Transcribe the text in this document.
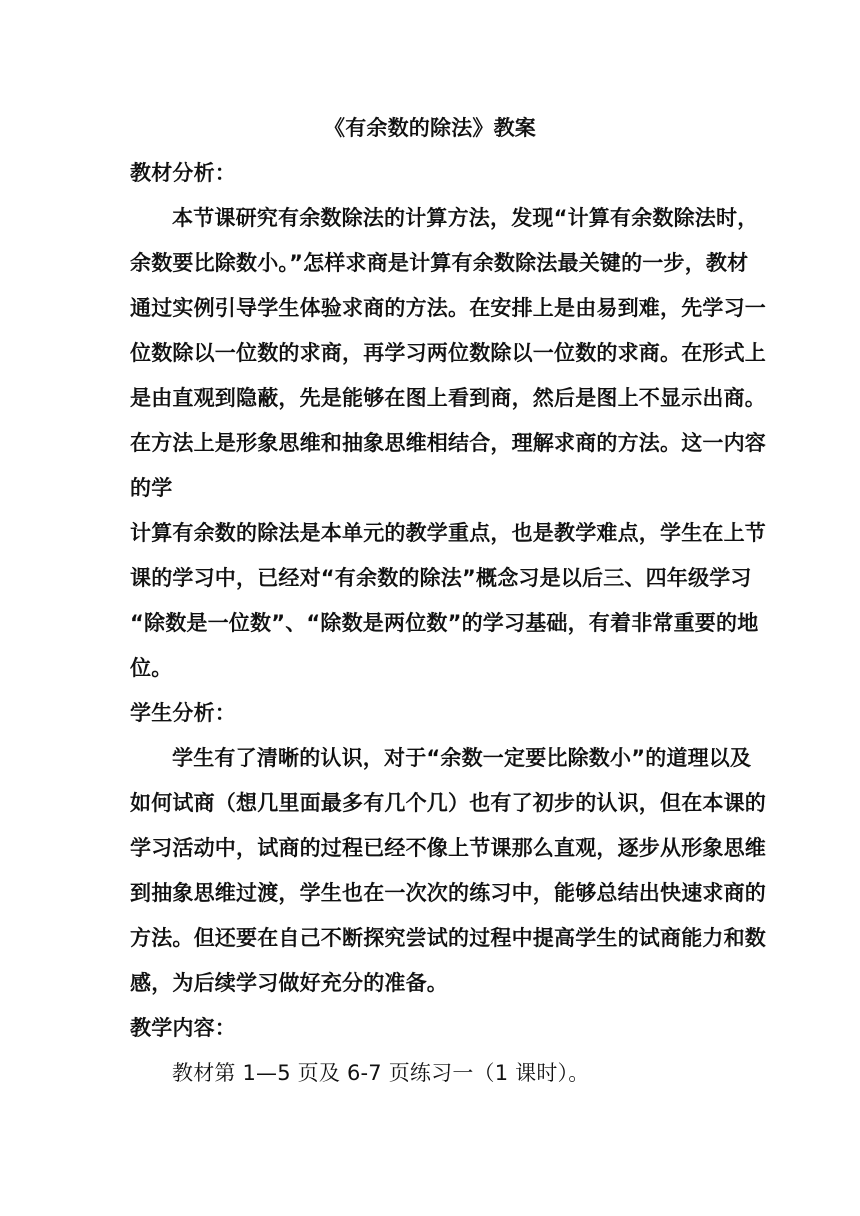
《有余数的除法》教案
教材分析：
本节课研究有余数除法的计算方法，发现“计算有余数除法时，
余数要比除数小。”怎样求商是计算有余数除法最关键的一步，教材
通过实例引导学生体验求商的方法。在安排上是由易到难，先学习一
位数除以一位数的求商，再学习两位数除以一位数的求商。在形式上
是由直观到隐蔽，先是能够在图上看到商，然后是图上不显示出商。
在方法上是形象思维和抽象思维相结合，理解求商的方法。这一内容
的学
计算有余数的除法是本单元的教学重点，也是教学难点，学生在上节
课的学习中，已经对“有余数的除法”概念习是以后三、四年级学习
“除数是一位数”、“除数是两位数”的学习基础，有着非常重要的地
位。
学生分析：
学生有了清晰的认识，对于“余数一定要比除数小”的道理以及
如何试商（想几里面最多有几个几）也有了初步的认识，但在本课的
学习活动中，试商的过程已经不像上节课那么直观，逐步从形象思维
到抽象思维过渡，学生也在一次次的练习中，能够总结出快速求商的
方法。但还要在自己不断探究尝试的过程中提高学生的试商能力和数
感，为后续学习做好充分的准备。
教学内容：
教材第 1—5 页及 6-7 页练习一（1 课时）。
